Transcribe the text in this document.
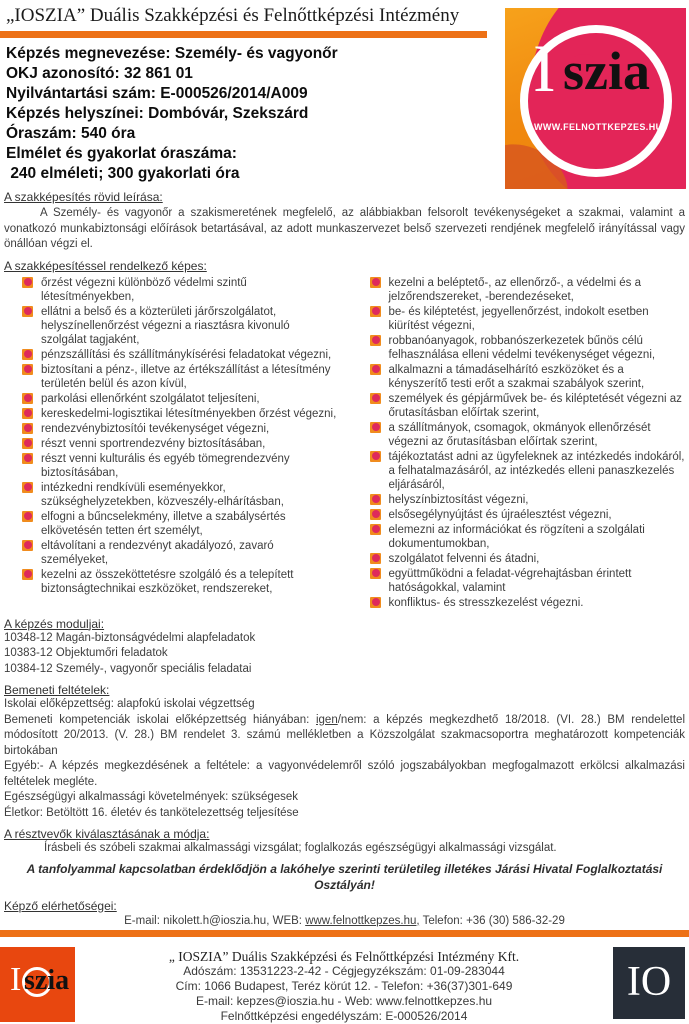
„IOSZIA” Duális Szakképzési és Felnőttképzési Intézmény
I szia
WWW.FELNOTTKEPZES.HU
Képzés megnevezése: Személy- és vagyonőr
OKJ azonosító: 32 861 01
Nyilvántartási szám: E-000526/2014/A009
Képzés helyszínei: Dombóvár, Szekszárd
Óraszám: 540 óra
Elmélet és gyakorlat óraszáma:
240 elméleti; 300 gyakorlati óra
A szakképesítés rövid leírása:
A Személy- és vagyonőr a szakismeretének megfelelő, az alábbiakban felsorolt tevékenységeket a szakmai, valamint a vonatkozó munkabiztonsági előírások betartásával, az adott munkaszervezet belső szervezeti rendjének megfelelő irányítással vagy önállóan végzi el.
A szakképesítéssel rendelkező képes:
őrzést végezni különböző védelmi szintű létesítményekben,
ellátni a belső és a közterületi járőrszolgálatot, helyszínellenőrzést végezni a riasztásra kivonuló szolgálat tagjaként,
pénzszállítási és szállítmánykísérési feladatokat végezni,
biztosítani a pénz-, illetve az értékszállítást a létesítmény területén belül és azon kívül,
parkolási ellenőrként szolgálatot teljesíteni,
kereskedelmi-logisztikai létesítményekben őrzést végezni,
rendezvénybiztosítói tevékenységet végezni,
részt venni sportrendezvény biztosításában,
részt venni kulturális és egyéb tömegrendezvény biztosításában,
intézkedni rendkívüli eseményekkor, szükséghelyzetekben, közveszély-elhárításban,
elfogni a bűncselekmény, illetve a szabálysértés elkövetésén tetten ért személyt,
eltávolítani a rendezvényt akadályozó, zavaró személyeket,
kezelni az összeköttetésre szolgáló és a telepített biztonságtechnikai eszközöket, rendszereket,
kezelni a beléptető-, az ellenőrző-, a védelmi és a jelzőrendszereket, -berendezéseket,
be- és kiléptetést, jegyellenőrzést, indokolt esetben kiürítést végezni,
robbanóanyagok, robbanószerkezetek bűnös célú felhasználása elleni védelmi tevékenységet végezni,
alkalmazni a támadáselhárító eszközöket és a kényszerítő testi erőt a szakmai szabályok szerint,
személyek és gépjárművek be- és kiléptetését végezni az őrutasításban előírtak szerint,
a szállítmányok, csomagok, okmányok ellenőrzését végezni az őrutasításban előírtak szerint,
tájékoztatást adni az ügyfeleknek az intézkedés indokáról, a felhatalmazásáról, az intézkedés elleni panaszkezelés eljárásáról,
helyszínbiztosítást végezni,
elsősegélynyújtást és újraélesztést végezni,
elemezni az információkat és rögzíteni a szolgálati dokumentumokban,
szolgálatot felvenni és átadni,
együttműködni a feladat-végrehajtásban érintett hatóságokkal, valamint
konfliktus- és stresszkezelést végezni.
A képzés moduljai:
10348-12 Magán-biztonságvédelmi alapfeladatok
10383-12 Objektumőri feladatok
10384-12 Személy-, vagyonőr speciális feladatai
Bemeneti feltételek:
Iskolai előképzettség: alapfokú iskolai végzettség
Bemeneti kompetenciák iskolai előképzettség hiányában: igen/nem: a képzés megkezdhető 18/2018. (VI. 28.) BM rendelettel módosított 20/2013. (V. 28.) BM rendelet 3. számú mellékletben a Közszolgálat szakmacsoportra meghatározott kompetenciák birtokában
Egyéb:- A képzés megkezdésének a feltétele: a vagyonvédelemről szóló jogszabályokban megfogalmazott erkölcsi alkalmazási feltételek megléte.
Egészségügyi alkalmassági követelmények: szükségesek
Életkor: Betöltött 16. életév és tankötelezettség teljesítése
A résztvevők kiválasztásának a módja:
Írásbeli és szóbeli szakmai alkalmassági vizsgálat; foglalkozás egészségügyi alkalmassági vizsgálat.
A tanfolyammal kapcsolatban érdeklődjön a lakóhelye szerinti területileg illetékes Járási Hivatal Foglalkoztatási Osztályán!
Képző elérhetőségei:
E-mail: nikolett.h@ioszia.hu, WEB: www.felnottkepzes.hu, Telefon: +36 (30) 586-32-29
I szia
„ IOSZIA” Duális Szakképzési és Felnőttképzési Intézmény Kft.
Adószám: 13531223-2-42 - Cégjegyzékszám: 01-09-283044
Cím: 1066 Budapest, Teréz körút 12. - Telefon: +36(37)301-649
E-mail: kepzes@ioszia.hu - Web: www.felnottkepzes.hu
Felnőttképzési engedélyszám: E-000526/2014
IO
